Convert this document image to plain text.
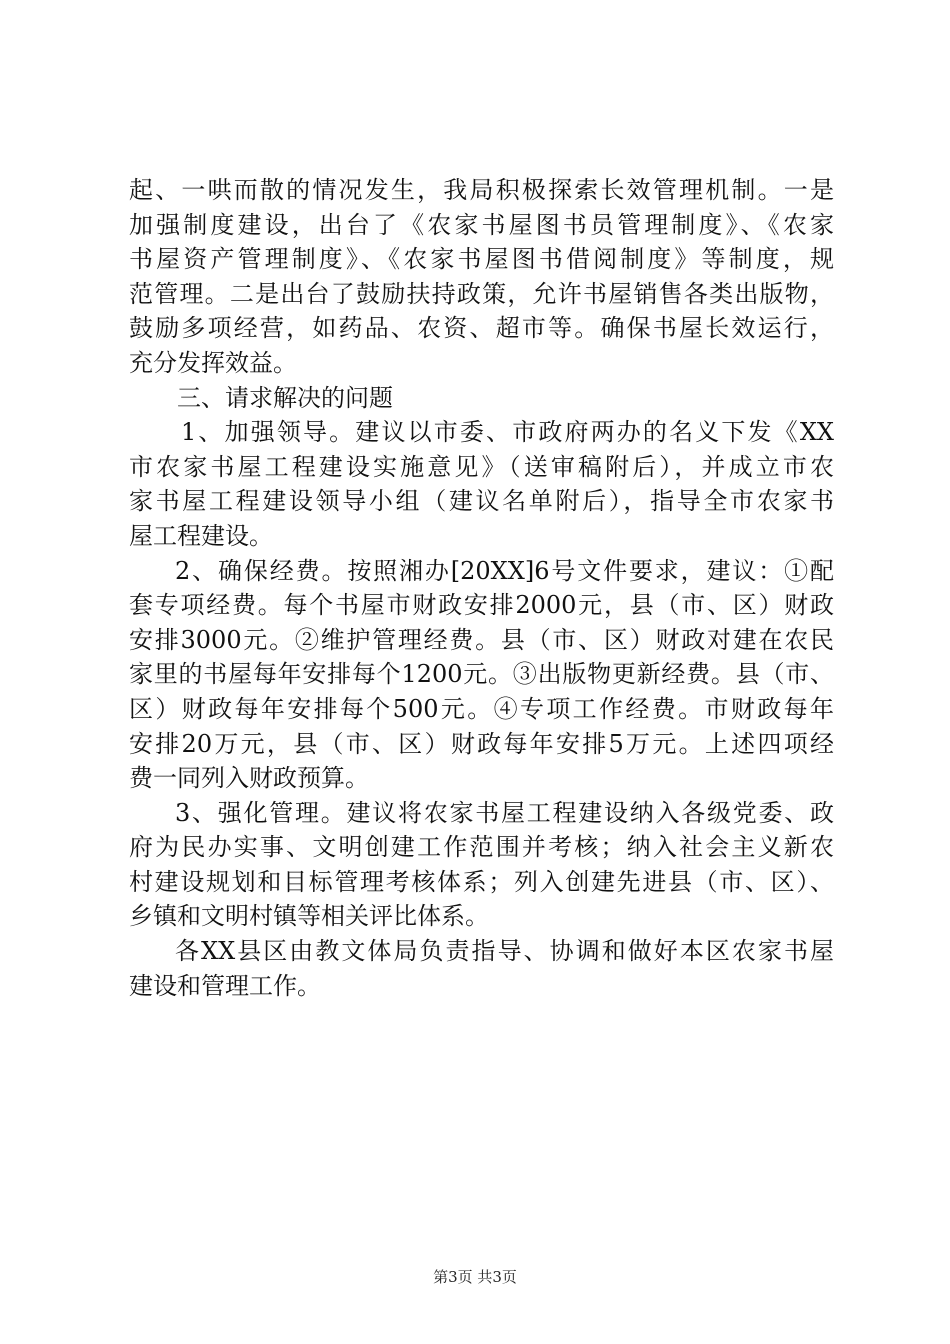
起、一哄而散的情况发生，我局积极探索长效管理机制。一是
加强制度建设，出台了《农家书屋图书员管理制度》、《农家
书屋资产管理制度》、《农家书屋图书借阅制度》等制度，规
范管理。二是出台了鼓励扶持政策，允许书屋销售各类出版物，
鼓励多项经营，如药品、农资、超市等。确保书屋长效运行，
充分发挥效益。
三、请求解决的问题
1、加强领导。建议以市委、市政府两办的名义下发《XX
市农家书屋工程建设实施意见》（送审稿附后），并成立市农
家书屋工程建设领导小组（建议名单附后），指导全市农家书
屋工程建设。
2、确保经费。按照湘办[20XX]6号文件要求，建议：①配
套专项经费。每个书屋市财政安排2000元，县（市、区）财政
安排3000元。②维护管理经费。县（市、区）财政对建在农民
家里的书屋每年安排每个1200元。③出版物更新经费。县（市、
区）财政每年安排每个500元。④专项工作经费。市财政每年
安排20万元，县（市、区）财政每年安排5万元。上述四项经
费一同列入财政预算。
3、强化管理。建议将农家书屋工程建设纳入各级党委、政
府为民办实事、文明创建工作范围并考核；纳入社会主义新农
村建设规划和目标管理考核体系；列入创建先进县（市、区）、
乡镇和文明村镇等相关评比体系。
各XX县区由教文体局负责指导、协调和做好本区农家书屋
建设和管理工作。
第3页 共3页
